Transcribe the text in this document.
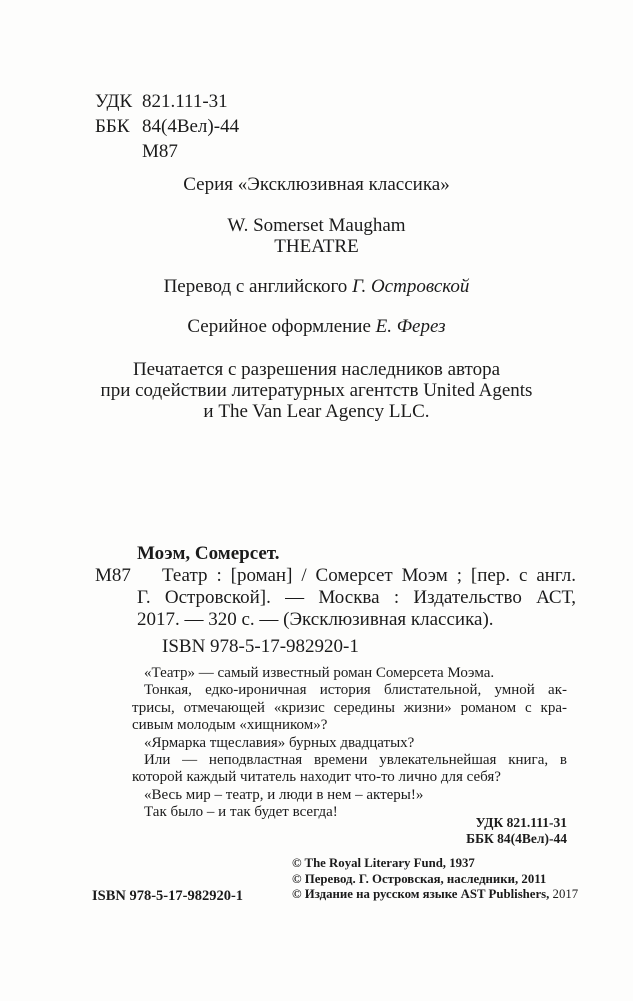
УДК 821.111-31
ББК 84(4Вел)-44
М87
Серия «Эксклюзивная классика»
W. Somerset Maugham
THEATRE
Перевод с английского Г. Островской
Серийное оформление Е. Ферез
Печатается с разрешения наследников автора
при содействии литературных агентств United Agents
и The Van Lear Agency LLC.
Моэм, Сомерсет.
М87	Театр : [роман] / Сомерсет Моэм ; [пер. с англ.
Г. Островской]. — Москва : Издательство АСТ,
2017. — 320 с. — (Эксклюзивная классика).
ISBN 978-5-17-982920-1
«Театр» — самый известный роман Сомерсета Моэма.
Тонкая, едко-ироничная история блистательной, умной ак-
трисы, отмечающей «кризис середины жизни» романом с кра-
сивым молодым «хищником»?
«Ярмарка тщеславия» бурных двадцатых?
Или — неподвластная времени увлекательнейшая книга, в
которой каждый читатель находит что-то лично для себя?
«Весь мир – театр, и люди в нем – актеры!»
Так было – и так будет всегда!
УДК 821.111-31
ББК 84(4Вел)-44
ISBN 978-5-17-982920-1
© The Royal Literary Fund, 1937
© Перевод. Г. Островская, наследники, 2011
© Издание на русском языке AST Publishers, 2017
